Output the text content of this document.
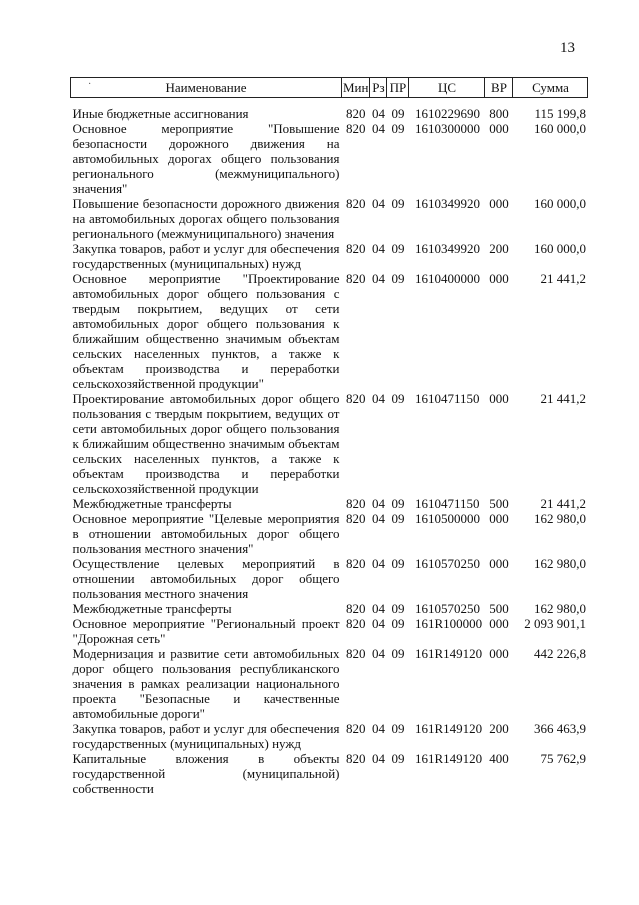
13
·	Наименование	Мин	Рз	ПР	ЦС	ВР	Сумма
Иные бюджетные ассигнования	820	04	09	1610229690	800	115 199,8
Основное мероприятие "Повышение безопасности дорожного движения на автомобильных дорогах общего пользования регионального (межмуниципального) значения"	820	04	09	1610300000	000	160 000,0
Повышение безопасности дорожного движения на автомобильных дорогах общего пользования регионального (межмуниципального) значения	820	04	09	1610349920	000	160 000,0
Закупка товаров, работ и услуг для обеспечения государственных (муниципальных) нужд	820	04	09	1610349920	200	160 000,0
Основное мероприятие "Проектирование автомобильных дорог общего пользования с твердым покрытием, ведущих от сети автомобильных дорог общего пользования к ближайшим общественно значимым объектам сельских населенных пунктов, а также к объектам производства и переработки сельскохозяйственной продукции"	820	04	09	1610400000	000	21 441,2
Проектирование автомобильных дорог общего пользования с твердым покрытием, ведущих от сети автомобильных дорог общего пользования к ближайшим общественно значимым объектам сельских населенных пунктов, а также к объектам производства и переработки сельскохозяйственной продукции	820	04	09	1610471150	000	21 441,2
Межбюджетные трансферты	820	04	09	1610471150	500	21 441,2
Основное мероприятие "Целевые мероприятия в отношении автомобильных дорог общего пользования местного значения"	820	04	09	1610500000	000	162 980,0
Осуществление целевых мероприятий в отношении автомобильных дорог общего пользования местного значения	820	04	09	1610570250	000	162 980,0
Межбюджетные трансферты	820	04	09	1610570250	500	162 980,0
Основное мероприятие "Региональный проект "Дорожная сеть"	820	04	09	161R100000	000	2 093 901,1
Модернизация и развитие сети автомобильных дорог общего пользования республиканского значения в рамках реализации национального проекта "Безопасные и качественные автомобильные дороги"	820	04	09	161R149120	000	442 226,8
Закупка товаров, работ и услуг для обеспечения государственных (муниципальных) нужд	820	04	09	161R149120	200	366 463,9
Капитальные вложения в объекты государственной (муниципальной) собственности	820	04	09	161R149120	400	75 762,9
